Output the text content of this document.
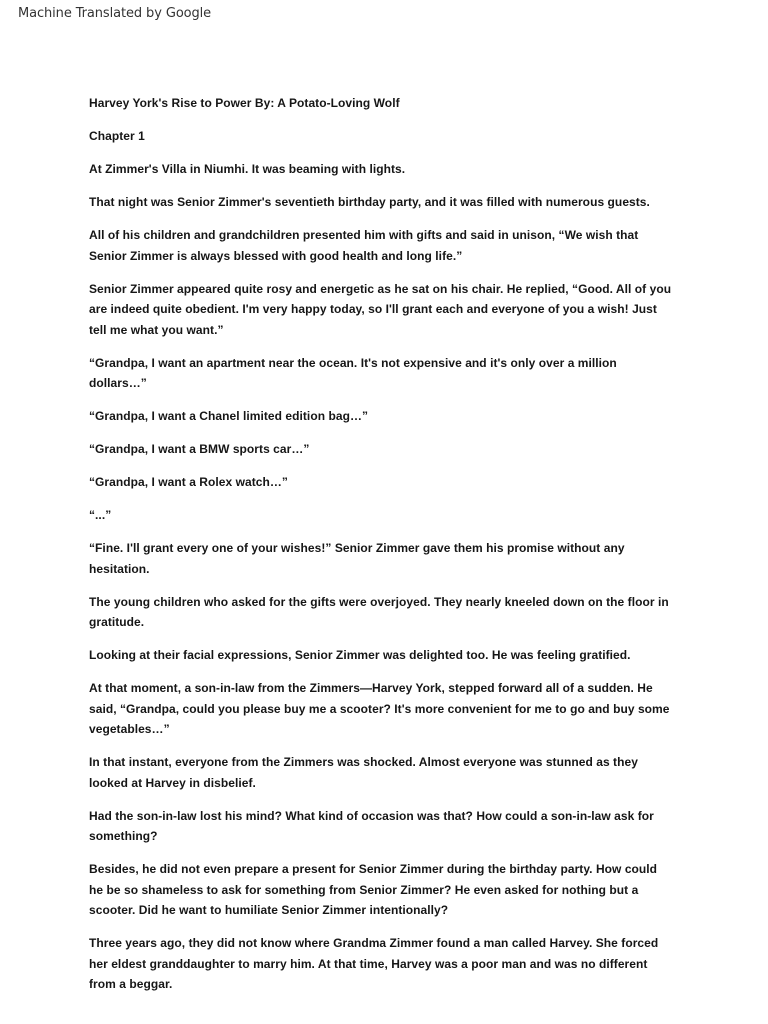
Machine Translated by Google

Harvey York's Rise to Power By: A Potato-Loving Wolf

Chapter 1

At Zimmer's Villa in Niumhi. It was beaming with lights.

That night was Senior Zimmer's seventieth birthday party, and it was filled with numerous guests.

All of his children and grandchildren presented him with gifts and said in unison, “We wish that Senior Zimmer is always blessed with good health and long life.”

Senior Zimmer appeared quite rosy and energetic as he sat on his chair. He replied, “Good. All of you are indeed quite obedient. I'm very happy today, so I'll grant each and everyone of you a wish! Just tell me what you want.”

“Grandpa, I want an apartment near the ocean. It's not expensive and it's only over a million dollars…”

“Grandpa, I want a Chanel limited edition bag…”

“Grandpa, I want a BMW sports car…”

“Grandpa, I want a Rolex watch…”

“...”

“Fine. I'll grant every one of your wishes!” Senior Zimmer gave them his promise without any hesitation.

The young children who asked for the gifts were overjoyed. They nearly kneeled down on the floor in gratitude.

Looking at their facial expressions, Senior Zimmer was delighted too. He was feeling gratified.

At that moment, a son-in-law from the Zimmers—Harvey York, stepped forward all of a sudden. He said, “Grandpa, could you please buy me a scooter? It's more convenient for me to go and buy some vegetables…”

In that instant, everyone from the Zimmers was shocked. Almost everyone was stunned as they looked at Harvey in disbelief.

Had the son-in-law lost his mind? What kind of occasion was that? How could a son-in-law ask for something?

Besides, he did not even prepare a present for Senior Zimmer during the birthday party. How could he be so shameless to ask for something from Senior Zimmer? He even asked for nothing but a scooter. Did he want to humiliate Senior Zimmer intentionally?

Three years ago, they did not know where Grandma Zimmer found a man called Harvey. She forced her eldest granddaughter to marry him. At that time, Harvey was a poor man and was no different from a beggar.
